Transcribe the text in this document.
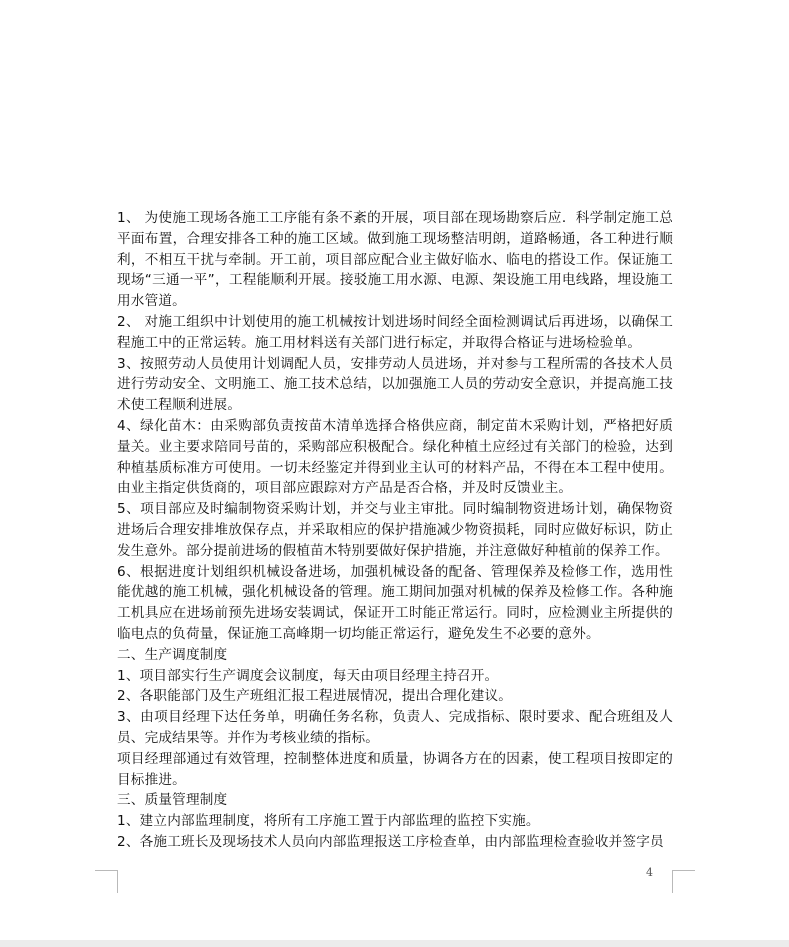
1、 为使施工现场各施工工序能有条不紊的开展，项目部在现场勘察后应．科学制定施工总平面布置，合理安排各工种的施工区域。做到施工现场整洁明朗，道路畅通，各工种进行顺利，不相互干扰与牵制。开工前，项目部应配合业主做好临水、临电的搭设工作。保证施工现场“三通一平”，工程能顺利开展。接驳施工用水源、电源、架设施工用电线路，埋设施工用水管道。

2、 对施工组织中计划使用的施工机械按计划进场时间经全面检测调试后再进场，以确保工程施工中的正常运转。施工用材料送有关部门进行标定，并取得合格证与进场检验单。

3、按照劳动人员使用计划调配人员，安排劳动人员进场，并对参与工程所需的各技术人员进行劳动安全、文明施工、施工技术总结，以加强施工人员的劳动安全意识，并提高施工技术使工程顺利进展。

4、绿化苗木：由采购部负责按苗木清单选择合格供应商，制定苗木采购计划，严格把好质量关。业主要求陪同号苗的，采购部应积极配合。绿化种植土应经过有关部门的检验，达到种植基质标准方可使用。一切未经鉴定并得到业主认可的材料产品，不得在本工程中使用。由业主指定供货商的，项目部应跟踪对方产品是否合格，并及时反馈业主。

5、项目部应及时编制物资采购计划，并交与业主审批。同时编制物资进场计划，确保物资进场后合理安排堆放保存点，并采取相应的保护措施减少物资损耗，同时应做好标识，防止发生意外。部分提前进场的假植苗木特别要做好保护措施，并注意做好种植前的保养工作。

6、根据进度计划组织机械设备进场，加强机械设备的配备、管理保养及检修工作，选用性能优越的施工机械，强化机械设备的管理。施工期间加强对机械的保养及检修工作。各种施工机具应在进场前预先进场安装调试，保证开工时能正常运行。同时，应检测业主所提供的临电点的负荷量，保证施工高峰期一切均能正常运行，避免发生不必要的意外。

二、生产调度制度

1、项目部实行生产调度会议制度，每天由项目经理主持召开。

2、各职能部门及生产班组汇报工程进展情况，提出合理化建议。

3、由项目经理下达任务单，明确任务名称，负责人、完成指标、限时要求、配合班组及人员、完成结果等。并作为考核业绩的指标。

项目经理部通过有效管理，控制整体进度和质量，协调各方在的因素，使工程项目按即定的目标推进。

三、质量管理制度

1、建立内部监理制度，将所有工序施工置于内部监理的监控下实施。

2、各施工班长及现场技术人员向内部监理报送工序检查单，由内部监理检查验收并签字员

4
